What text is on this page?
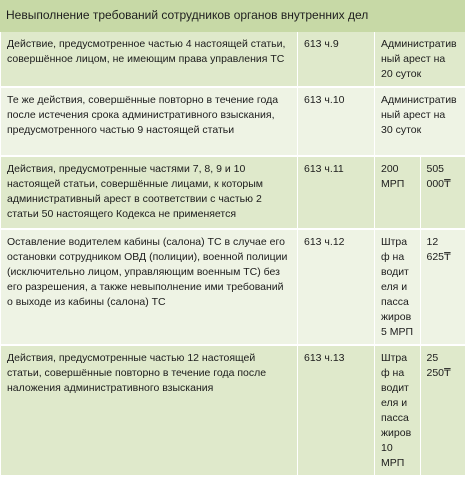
Невыполнение требований сотрудников органов внутренних дел
Действие, предусмотренное частью 4 настоящей статьи, совершённое лицом, не имеющим права управления ТС	613 ч.9	Административный арест на 20 суток	
Те же действия, совершённые повторно в течение года после истечения срока административного взыскания, предусмотренного частью 9 настоящей статьи	613 ч.10	Административный арест на 30 суток	
Действия, предусмотренные частями 7, 8, 9 и 10 настоящей статьи, совершённые лицами, к которым административный арест в соответствии с частью 2 статьи 50 настоящего Кодекса не применяется	613 ч.11	200 МРП	505 000₸
Оставление водителем кабины (салона) ТС в случае его остановки сотрудником ОВД (полиции), военной полиции (исключительно лицом, управляющим военным ТС) без его разрешения, а также невыполнение ими требований о выходе из кабины (салона) ТС	613 ч.12	Штраф на водителя и пассажиров 5 МРП	12 625₸
Действия, предусмотренные частью 12 настоящей статьи, совершённые повторно в течение года после наложения административного взыскания	613 ч.13	Штраф на водителя и пассажиров 10 МРП	25 250₸
